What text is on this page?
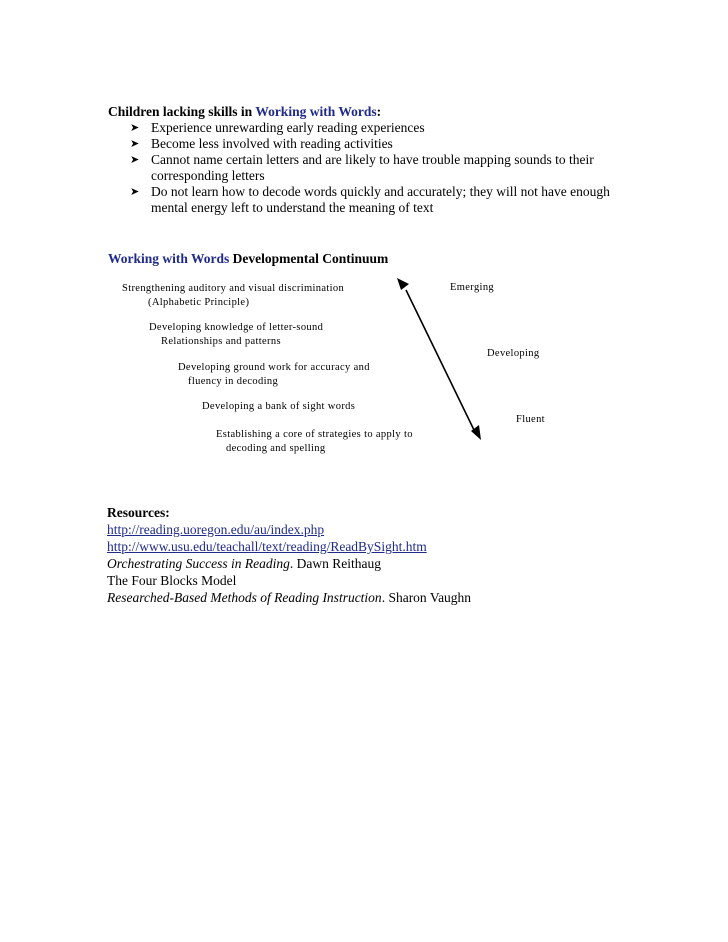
Children lacking skills in Working with Words:
➤ Experience unrewarding early reading experiences
➤ Become less involved with reading activities
➤ Cannot name certain letters and are likely to have trouble mapping sounds to their corresponding letters
➤ Do not learn how to decode words quickly and accurately; they will not have enough mental energy left to understand the meaning of text
Working with Words Developmental Continuum
Strengthening auditory and visual discrimination
(Alphabetic Principle)
Developing knowledge of letter-sound
Relationships and patterns
Developing ground work for accuracy and
fluency in decoding
Developing a bank of sight words
Establishing a core of strategies to apply to
decoding and spelling
Emerging
Developing
Fluent
Resources:
http://reading.uoregon.edu/au/index.php
http://www.usu.edu/teachall/text/reading/ReadBySight.htm
Orchestrating Success in Reading. Dawn Reithaug
The Four Blocks Model
Researched-Based Methods of Reading Instruction. Sharon Vaughn
